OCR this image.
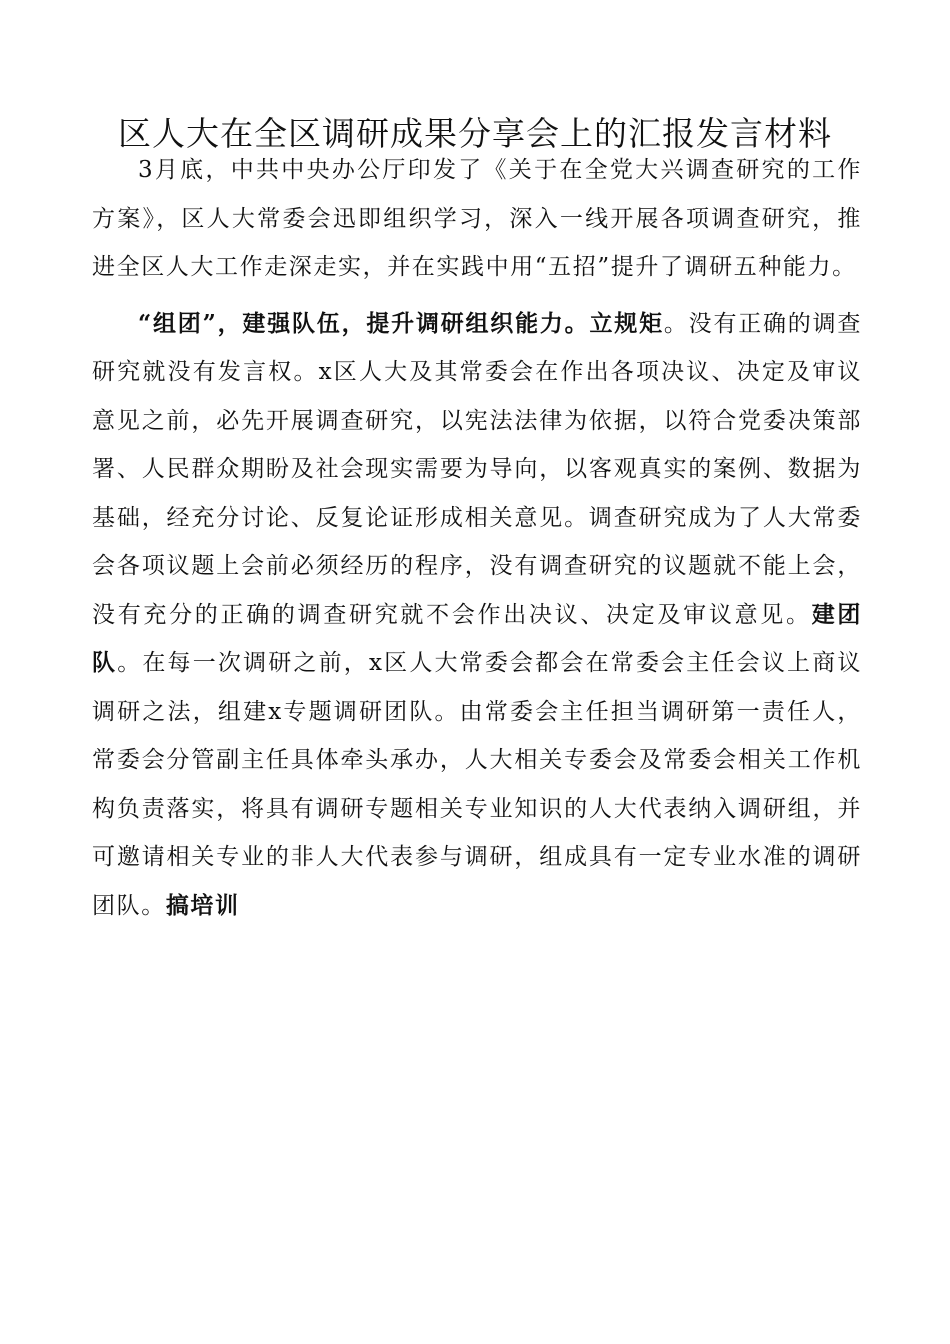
区人大在全区调研成果分享会上的汇报发言材料

3月底，中共中央办公厅印发了《关于在全党大兴调查研究的工作方案》，区人大常委会迅即组织学习，深入一线开展各项调查研究，推进全区人大工作走深走实，并在实践中用“五招”提升了调研五种能力。

“组团”，建强队伍，提升调研组织能力。立规矩。没有正确的调查研究就没有发言权。x区人大及其常委会在作出各项决议、决定及审议意见之前，必先开展调查研究，以宪法法律为依据，以符合党委决策部署、人民群众期盼及社会现实需要为导向，以客观真实的案例、数据为基础，经充分讨论、反复论证形成相关意见。调查研究成为了人大常委会各项议题上会前必须经历的程序，没有调查研究的议题就不能上会，没有充分的正确的调查研究就不会作出决议、决定及审议意见。建团队。在每一次调研之前，x区人大常委会都会在常委会主任会议上商议调研之法，组建x专题调研团队。由常委会主任担当调研第一责任人，常委会分管副主任具体牵头承办，人大相关专委会及常委会相关工作机构负责落实，将具有调研专题相关专业知识的人大代表纳入调研组，并可邀请相关专业的非人大代表参与调研，组成具有一定专业水准的调研团队。搞培训
